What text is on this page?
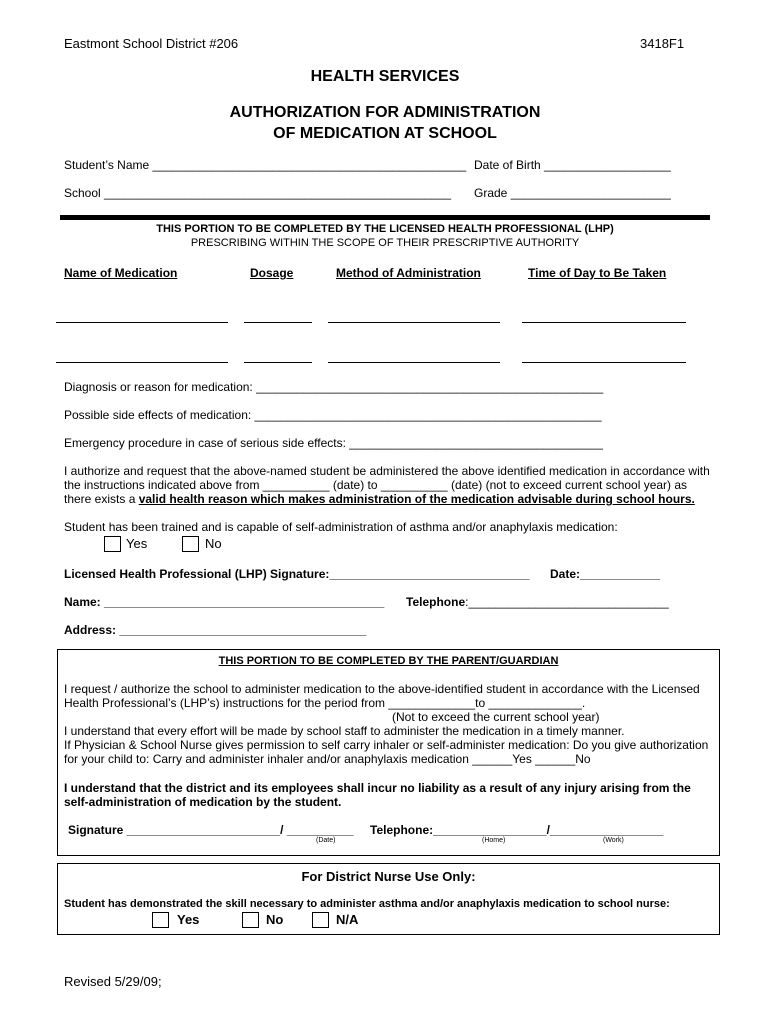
Eastmont School District #206	3418F1
HEALTH SERVICES
AUTHORIZATION FOR ADMINISTRATION
OF MEDICATION AT SCHOOL
Student’s Name _______________________________________________ Date of Birth ___________________
School ____________________________________________________ Grade ________________________
THIS PORTION TO BE COMPLETED BY THE LICENSED HEALTH PROFESSIONAL (LHP)
PRESCRIBING WITHIN THE SCOPE OF THEIR PRESCRIPTIVE AUTHORITY
Name of Medication	Dosage	Method of Administration	Time of Day to Be Taken
Diagnosis or reason for medication: ____________________________________________________
Possible side effects of medication: ____________________________________________________
Emergency procedure in case of serious side effects: ______________________________________
I authorize and request that the above-named student be administered the above identified medication in accordance with
the instructions indicated above from __________ (date) to __________ (date) (not to exceed current school year) as
there exists a valid health reason which makes administration of the medication advisable during school hours.
Student has been trained and is capable of self-administration of asthma and/or anaphylaxis medication:
Yes	No
Licensed Health Professional (LHP) Signature:______________________________ Date:____________
Name: __________________________________________ Telephone:______________________________
Address: _____________________________________
THIS PORTION TO BE COMPLETED BY THE PARENT/GUARDIAN
I request / authorize the school to administer medication to the above-identified student in accordance with the Licensed
Health Professional’s (LHP’s) instructions for the period from _____________to ______________.
(Not to exceed the current school year)
I understand that every effort will be made by school staff to administer the medication in a timely manner.
If Physician & School Nurse gives permission to self carry inhaler or self-administer medication: Do you give authorization
for your child to: Carry and administer inhaler and/or anaphylaxis medication ______Yes ______No
I understand that the district and its employees shall incur no liability as a result of any injury arising from the
self-administration of medication by the student.
Signature _______________________/ __________ Telephone:_________________/_________________
(Date)	(Home)	(Work)
For District Nurse Use Only:
Student has demonstrated the skill necessary to administer asthma and/or anaphylaxis medication to school nurse:
Yes	No	N/A
Revised 5/29/09;
